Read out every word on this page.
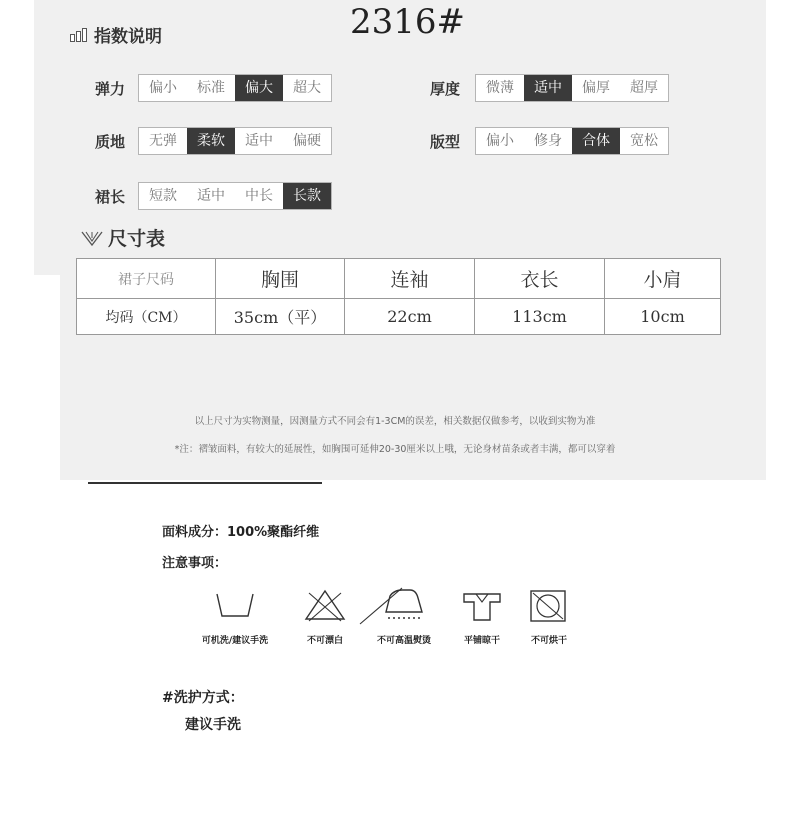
2316#
指数说明
弹力	偏小	标准	偏大	超大	厚度	微薄	适中	偏厚	超厚
质地	无弹	柔软	适中	偏硬	版型	偏小	修身	合体	宽松
裙长	短款	适中	中长	长款
尺寸表
裙子尺码	胸围	连袖	衣长	小肩
均码（CM）	35cm（平）	22cm	113cm	10cm
以上尺寸为实物测量，因测量方式不同会有1-3CM的误差，相关数据仅做参考，以收到实物为准
*注：褶皱面料，有较大的延展性，如胸围可延伸20-30厘米以上哦，无论身材苗条或者丰满，都可以穿着
面料成分：100%聚酯纤维
注意事项：
可机洗/建议手洗	不可漂白	不可高温熨烫	平铺晾干	不可烘干
#洗护方式：
建议手洗
